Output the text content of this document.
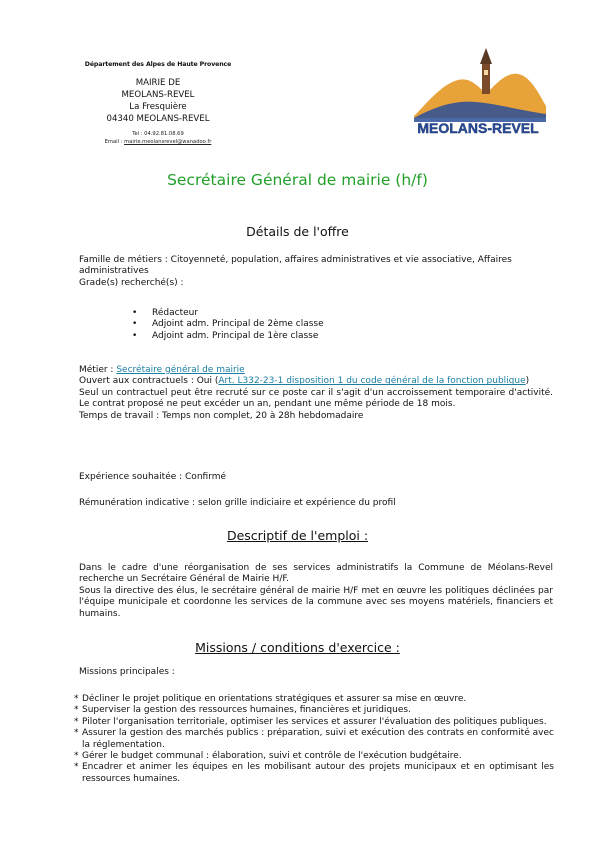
Département des Alpes de Haute Provence
MAIRIE DE
MEOLANS-REVEL
La Fresquière
04340 MEOLANS-REVEL
Tel : 04.92.81.08.69
Email : mairie.meolansrevel@wanadoo.fr
MEOLANS-REVEL
Secrétaire Général de mairie (h/f)
Détails de l'offre
Famille de métiers : Citoyenneté, population, affaires administratives et vie associative, Affaires administratives
Grade(s) recherché(s) :
• Rédacteur
• Adjoint adm. Principal de 2ème classe
• Adjoint adm. Principal de 1ère classe
Métier : Secrétaire général de mairie
Ouvert aux contractuels : Oui (Art. L332-23-1 disposition 1 du code général de la fonction publique)
Seul un contractuel peut être recruté sur ce poste car il s'agit d'un accroissement temporaire d'activité. Le contrat proposé ne peut excéder un an, pendant une même période de 18 mois.
Temps de travail : Temps non complet, 20 à 28h hebdomadaire
Expérience souhaitée : Confirmé
Rémunération indicative : selon grille indiciaire et expérience du profil
Descriptif de l'emploi :
Dans le cadre d'une réorganisation de ses services administratifs la Commune de Méolans-Revel recherche un Secrétaire Général de Mairie H/F.
Sous la directive des élus, le secrétaire général de mairie H/F met en œuvre les politiques déclinées par l'équipe municipale et coordonne les services de la commune avec ses moyens matériels, financiers et humains.
Missions / conditions d'exercice :
Missions principales :
* Décliner le projet politique en orientations stratégiques et assurer sa mise en œuvre.
* Superviser la gestion des ressources humaines, financières et juridiques.
* Piloter l'organisation territoriale, optimiser les services et assurer l'évaluation des politiques publiques.
* Assurer la gestion des marchés publics : préparation, suivi et exécution des contrats en conformité avec la réglementation.
* Gérer le budget communal : élaboration, suivi et contrôle de l'exécution budgétaire.
* Encadrer et animer les équipes en les mobilisant autour des projets municipaux et en optimisant les ressources humaines.
